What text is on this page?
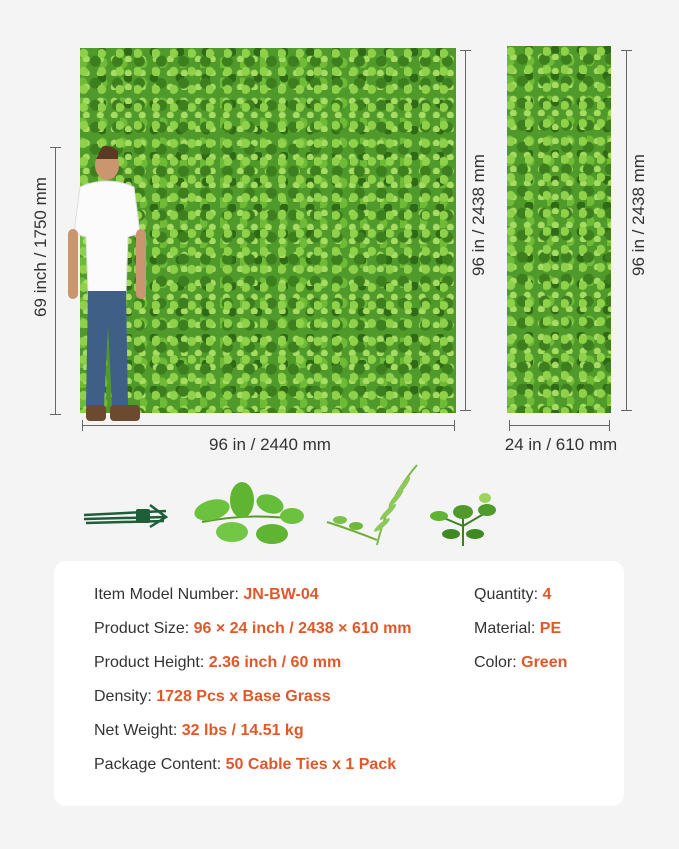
69 inch / 1750 mm
96 in / 2440 mm
96 in / 2438 mm
24 in / 610 mm
96 in / 2438 mm
Item Model Number: JN-BW-04
Product Size: 96 × 24 inch / 2438 × 610 mm
Product Height: 2.36 inch / 60 mm
Density: 1728 Pcs x Base Grass
Net Weight: 32 lbs / 14.51 kg
Package Content: 50 Cable Ties x 1 Pack
Quantity: 4
Material: PE
Color: Green
